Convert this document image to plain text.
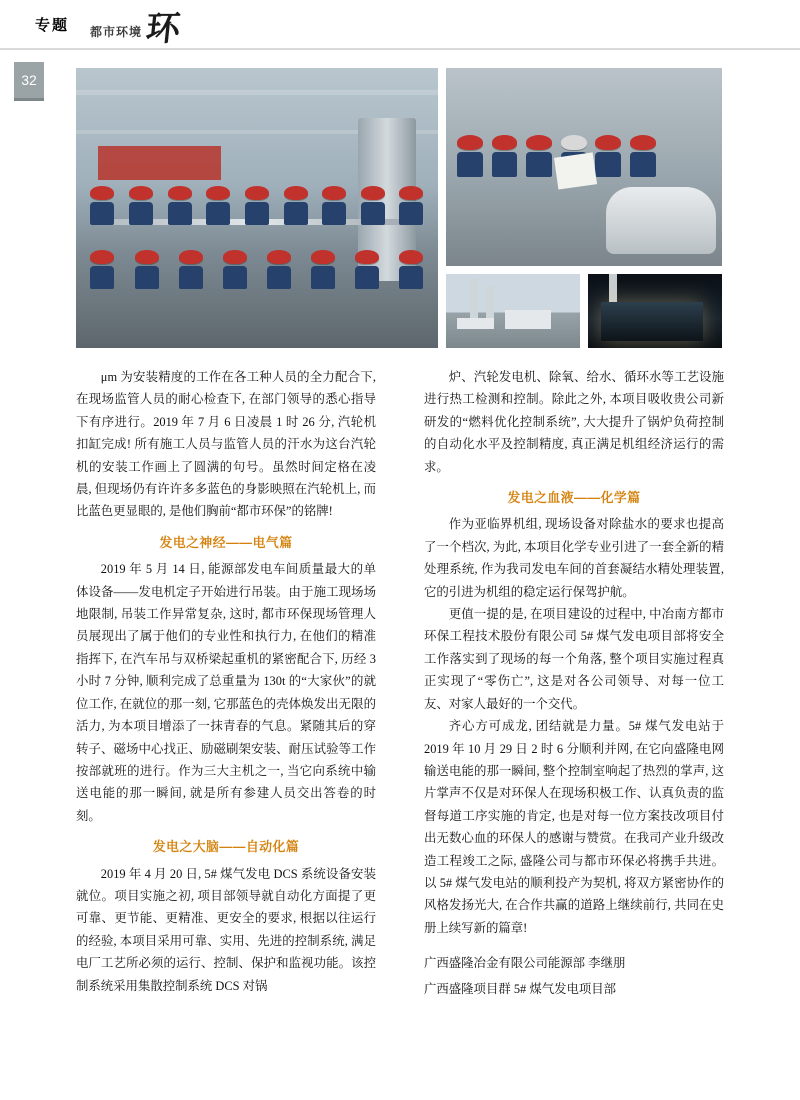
专题 都市环境 环
32

μm 为安装精度的工作在各工种人员的全力配合下, 在现场监管人员的耐心检查下, 在部门领导的悉心指导下有序进行。2019 年 7 月 6 日凌晨 1 时 26 分, 汽轮机扣缸完成! 所有施工人员与监管人员的汗水为这台汽轮机的安装工作画上了圆满的句号。虽然时间定格在凌晨, 但现场仍有许许多多蓝色的身影映照在汽轮机上, 而比蓝色更显眼的, 是他们胸前“都市环保”的铭牌!

发电之神经——电气篇

2019 年 5 月 14 日, 能源部发电车间质量最大的单体设备——发电机定子开始进行吊装。由于施工现场场地限制, 吊装工作异常复杂, 这时, 都市环保现场管理人员展现出了属于他们的专业性和执行力, 在他们的精准指挥下, 在汽车吊与双桥梁起重机的紧密配合下, 历经 3 小时 7 分钟, 顺利完成了总重量为 130t 的“大家伙”的就位工作, 在就位的那一刻, 它那蓝色的壳体焕发出无限的活力, 为本项目增添了一抹青春的气息。紧随其后的穿转子、磁场中心找正、励磁刷架安装、耐压试验等工作按部就班的进行。作为三大主机之一, 当它向系统中输送电能的那一瞬间, 就是所有参建人员交出答卷的时刻。

发电之大脑——自动化篇

2019 年 4 月 20 日, 5# 煤气发电 DCS 系统设备安装就位。项目实施之初, 项目部领导就自动化方面提了更可靠、更节能、更精准、更安全的要求, 根据以往运行的经验, 本项目采用可靠、实用、先进的控制系统, 满足电厂工艺所必须的运行、控制、保护和监视功能。该控制系统采用集散控制系统 DCS 对锅

炉、汽轮发电机、除氧、给水、循环水等工艺设施进行热工检测和控制。除此之外, 本项目吸收贵公司新研发的“燃料优化控制系统”, 大大提升了锅炉负荷控制的自动化水平及控制精度, 真正满足机组经济运行的需求。

发电之血液——化学篇

作为亚临界机组, 现场设备对除盐水的要求也提高了一个档次, 为此, 本项目化学专业引进了一套全新的精处理系统, 作为我司发电车间的首套凝结水精处理装置, 它的引进为机组的稳定运行保驾护航。

更值一提的是, 在项目建设的过程中, 中冶南方都市环保工程技术股份有限公司 5# 煤气发电项目部将安全工作落实到了现场的每一个角落, 整个项目实施过程真正实现了“零伤亡”, 这是对各公司领导、对每一位工友、对家人最好的一个交代。

齐心方可成龙, 团结就是力量。5# 煤气发电站于 2019 年 10 月 29 日 2 时 6 分顺利并网, 在它向盛隆电网输送电能的那一瞬间, 整个控制室响起了热烈的掌声, 这片掌声不仅是对环保人在现场积极工作、认真负责的监督每道工序实施的肯定, 也是对每一位方案技改项目付出无数心血的环保人的感谢与赞赏。在我司产业升级改造工程竣工之际, 盛隆公司与都市环保必将携手共进。以 5# 煤气发电站的顺利投产为契机, 将双方紧密协作的风格发扬光大, 在合作共赢的道路上继续前行, 共同在史册上续写新的篇章!

广西盛隆冶金有限公司能源部 李继朋
广西盛隆项目群 5# 煤气发电项目部
